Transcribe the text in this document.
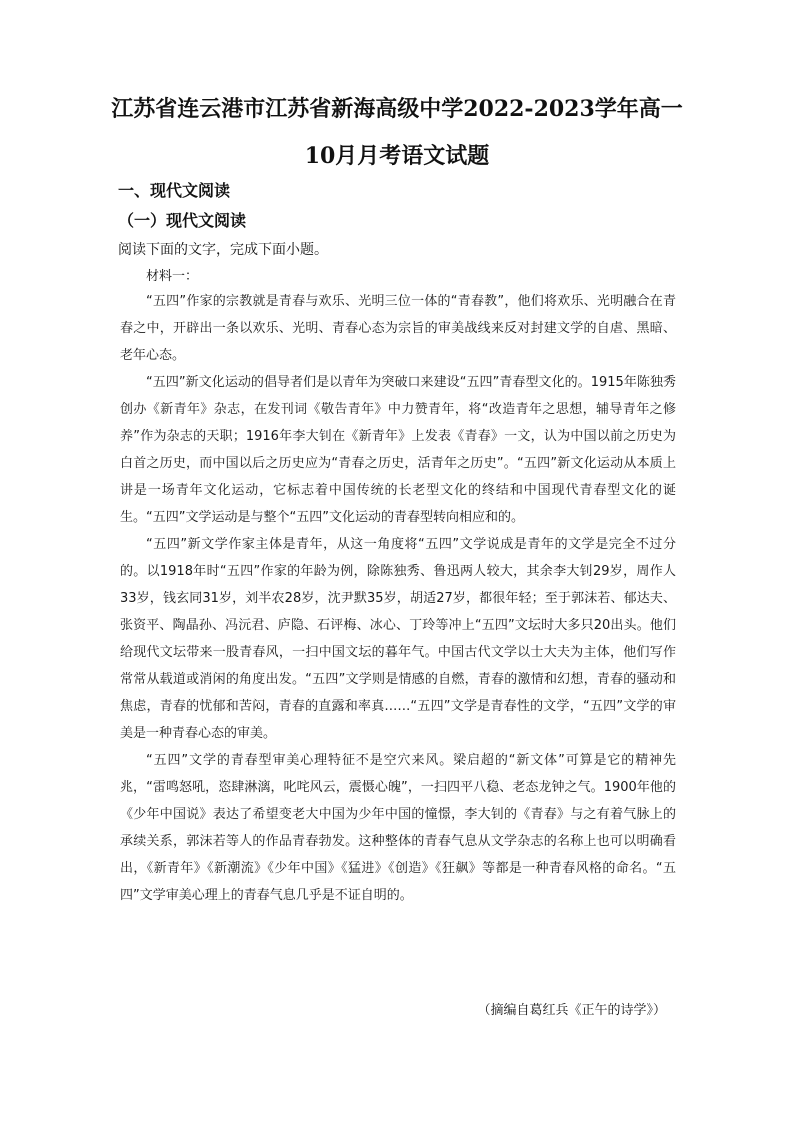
江苏省连云港市江苏省新海高级中学2022-2023学年高一
10月月考语文试题
一、现代文阅读
（一）现代文阅读
阅读下面的文字，完成下面小题。
材料一：

“五四”作家的宗教就是青春与欢乐、光明三位一体的“青春教”，他们将欢乐、光明融合在青春之中，开辟出一条以欢乐、光明、青春心态为宗旨的审美战线来反对封建文学的自虐、黑暗、老年心态。

“五四”新文化运动的倡导者们是以青年为突破口来建设“五四”青春型文化的。1915年陈独秀创办《新青年》杂志，在发刊词《敬告青年》中力赞青年，将“改造青年之思想，辅导青年之修养”作为杂志的天职；1916年李大钊在《新青年》上发表《青春》一文，认为中国以前之历史为白首之历史，而中国以后之历史应为“青春之历史，活青年之历史”。“五四”新文化运动从本质上讲是一场青年文化运动，它标志着中国传统的长老型文化的终结和中国现代青春型文化的诞生。“五四”文学运动是与整个“五四”文化运动的青春型转向相应和的。

“五四”新文学作家主体是青年，从这一角度将“五四”文学说成是青年的文学是完全不过分的。以1918年时“五四”作家的年龄为例，除陈独秀、鲁迅两人较大，其余李大钊29岁，周作人33岁，钱玄同31岁，刘半农28岁，沈尹默35岁，胡适27岁，都很年轻；至于郭沫若、郁达夫、张资平、陶晶孙、冯沅君、庐隐、石评梅、冰心、丁玲等冲上“五四”文坛时大多只20出头。他们给现代文坛带来一股青春风，一扫中国文坛的暮年气。中国古代文学以士大夫为主体，他们写作常常从载道或消闲的角度出发。“五四”文学则是情感的自燃，青春的激情和幻想，青春的骚动和焦虑，青春的忧郁和苦闷，青春的直露和率真……“五四”文学是青春性的文学，“五四”文学的审美是一种青春心态的审美。

“五四”文学的青春型审美心理特征不是空穴来风。梁启超的“新文体”可算是它的精神先兆，“雷鸣怒吼，恣肆淋漓，叱咤风云，震慑心魄”，一扫四平八稳、老态龙钟之气。1900年他的《少年中国说》表达了希望变老大中国为少年中国的憧憬，李大钊的《青春》与之有着气脉上的承续关系，郭沫若等人的作品青春勃发。这种整体的青春气息从文学杂志的名称上也可以明确看出，《新青年》《新潮流》《少年中国》《猛进》《创造》《狂飙》等都是一种青春风格的命名。“五四”文学审美心理上的青春气息几乎是不证自明的。

（摘编自葛红兵《正午的诗学》）
